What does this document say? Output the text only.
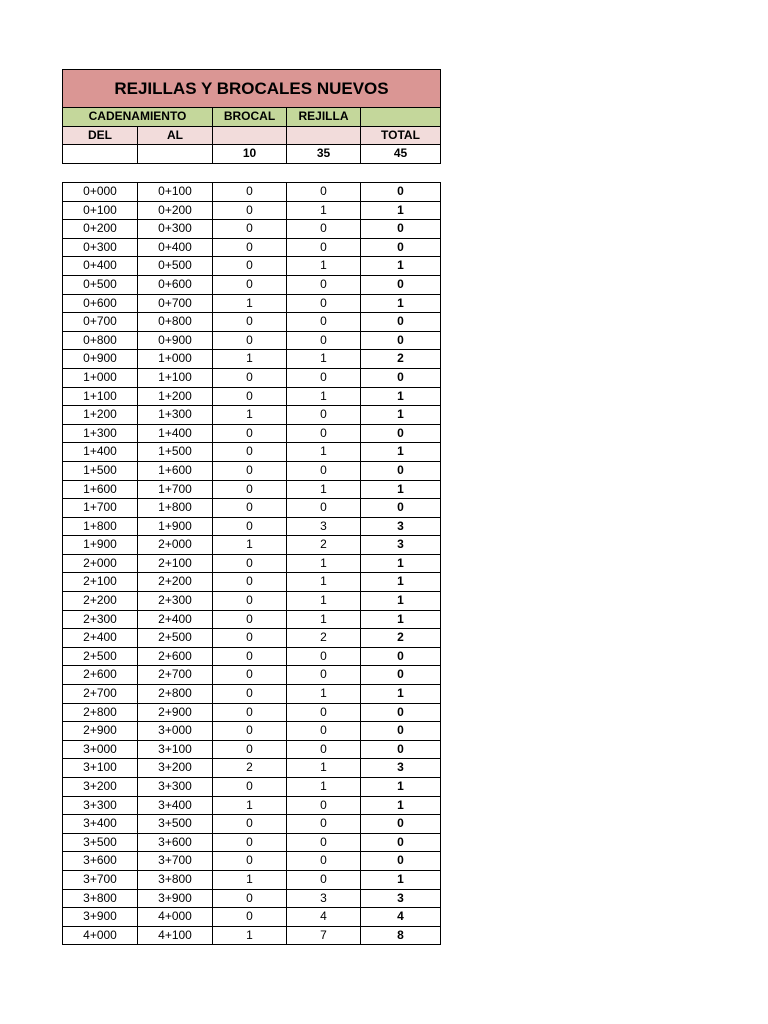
REJILLAS Y BROCALES NUEVOS				
CADENAMIENTO		BROCAL	REJILLA	
DEL	AL			TOTAL
		10	35	45
0+000	0+100	0	0	0
0+100	0+200	0	1	1
0+200	0+300	0	0	0
0+300	0+400	0	0	0
0+400	0+500	0	1	1
0+500	0+600	0	0	0
0+600	0+700	1	0	1
0+700	0+800	0	0	0
0+800	0+900	0	0	0
0+900	1+000	1	1	2
1+000	1+100	0	0	0
1+100	1+200	0	1	1
1+200	1+300	1	0	1
1+300	1+400	0	0	0
1+400	1+500	0	1	1
1+500	1+600	0	0	0
1+600	1+700	0	1	1
1+700	1+800	0	0	0
1+800	1+900	0	3	3
1+900	2+000	1	2	3
2+000	2+100	0	1	1
2+100	2+200	0	1	1
2+200	2+300	0	1	1
2+300	2+400	0	1	1
2+400	2+500	0	2	2
2+500	2+600	0	0	0
2+600	2+700	0	0	0
2+700	2+800	0	1	1
2+800	2+900	0	0	0
2+900	3+000	0	0	0
3+000	3+100	0	0	0
3+100	3+200	2	1	3
3+200	3+300	0	1	1
3+300	3+400	1	0	1
3+400	3+500	0	0	0
3+500	3+600	0	0	0
3+600	3+700	0	0	0
3+700	3+800	1	0	1
3+800	3+900	0	3	3
3+900	4+000	0	4	4
4+000	4+100	1	7	8
